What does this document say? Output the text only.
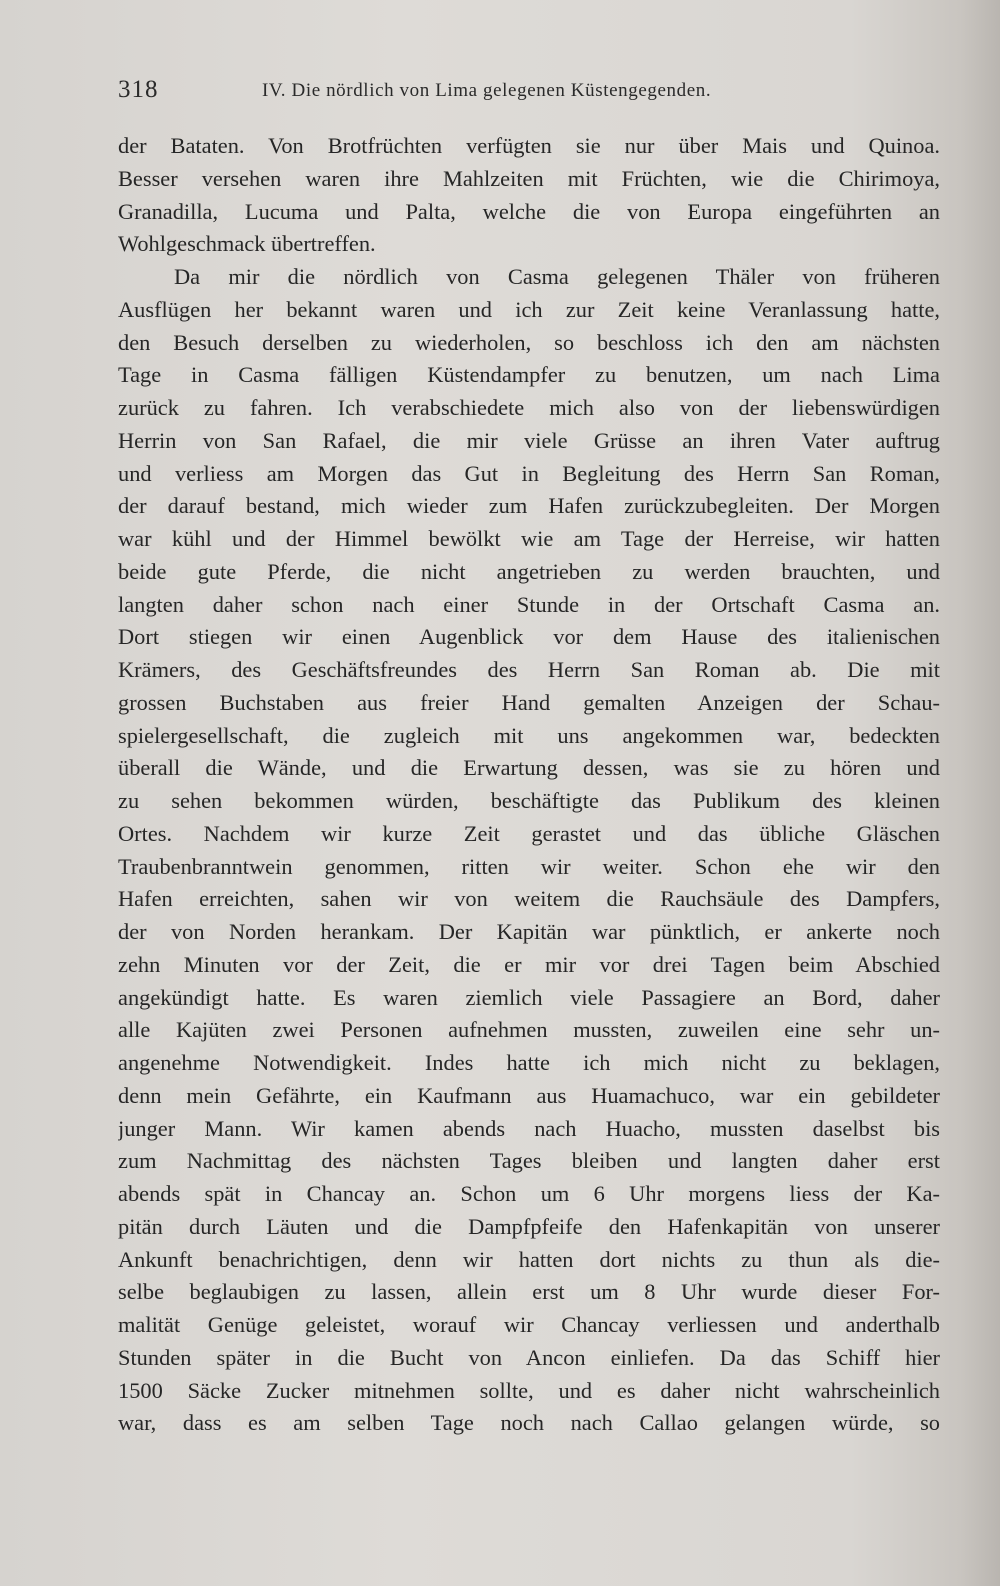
318	IV. Die nördlich von Lima gelegenen Küstengegenden.
der Bataten. Von Brotfrüchten verfügten sie nur über Mais und Quinoa.
Besser versehen waren ihre Mahlzeiten mit Früchten, wie die Chirimoya,
Granadilla, Lucuma und Palta, welche die von Europa eingeführten an
Wohlgeschmack übertreffen.
Da mir die nördlich von Casma gelegenen Thäler von früheren
Ausflügen her bekannt waren und ich zur Zeit keine Veranlassung hatte,
den Besuch derselben zu wiederholen, so beschloss ich den am nächsten
Tage in Casma fälligen Küstendampfer zu benutzen, um nach Lima
zurück zu fahren. Ich verabschiedete mich also von der liebenswürdigen
Herrin von San Rafael, die mir viele Grüsse an ihren Vater auftrug
und verliess am Morgen das Gut in Begleitung des Herrn San Roman,
der darauf bestand, mich wieder zum Hafen zurückzubegleiten. Der Morgen
war kühl und der Himmel bewölkt wie am Tage der Herreise, wir hatten
beide gute Pferde, die nicht angetrieben zu werden brauchten, und
langten daher schon nach einer Stunde in der Ortschaft Casma an.
Dort stiegen wir einen Augenblick vor dem Hause des italienischen
Krämers, des Geschäftsfreundes des Herrn San Roman ab. Die mit
grossen Buchstaben aus freier Hand gemalten Anzeigen der Schau-
spielergesellschaft, die zugleich mit uns angekommen war, bedeckten
überall die Wände, und die Erwartung dessen, was sie zu hören und
zu sehen bekommen würden, beschäftigte das Publikum des kleinen
Ortes. Nachdem wir kurze Zeit gerastet und das übliche Gläschen
Traubenbranntwein genommen, ritten wir weiter. Schon ehe wir den
Hafen erreichten, sahen wir von weitem die Rauchsäule des Dampfers,
der von Norden herankam. Der Kapitän war pünktlich, er ankerte noch
zehn Minuten vor der Zeit, die er mir vor drei Tagen beim Abschied
angekündigt hatte. Es waren ziemlich viele Passagiere an Bord, daher
alle Kajüten zwei Personen aufnehmen mussten, zuweilen eine sehr un-
angenehme Notwendigkeit. Indes hatte ich mich nicht zu beklagen,
denn mein Gefährte, ein Kaufmann aus Huamachuco, war ein gebildeter
junger Mann. Wir kamen abends nach Huacho, mussten daselbst bis
zum Nachmittag des nächsten Tages bleiben und langten daher erst
abends spät in Chancay an. Schon um 6 Uhr morgens liess der Ka-
pitän durch Läuten und die Dampfpfeife den Hafenkapitän von unserer
Ankunft benachrichtigen, denn wir hatten dort nichts zu thun als die-
selbe beglaubigen zu lassen, allein erst um 8 Uhr wurde dieser For-
malität Genüge geleistet, worauf wir Chancay verliessen und anderthalb
Stunden später in die Bucht von Ancon einliefen. Da das Schiff hier
1500 Säcke Zucker mitnehmen sollte, und es daher nicht wahrscheinlich
war, dass es am selben Tage noch nach Callao gelangen würde, so
